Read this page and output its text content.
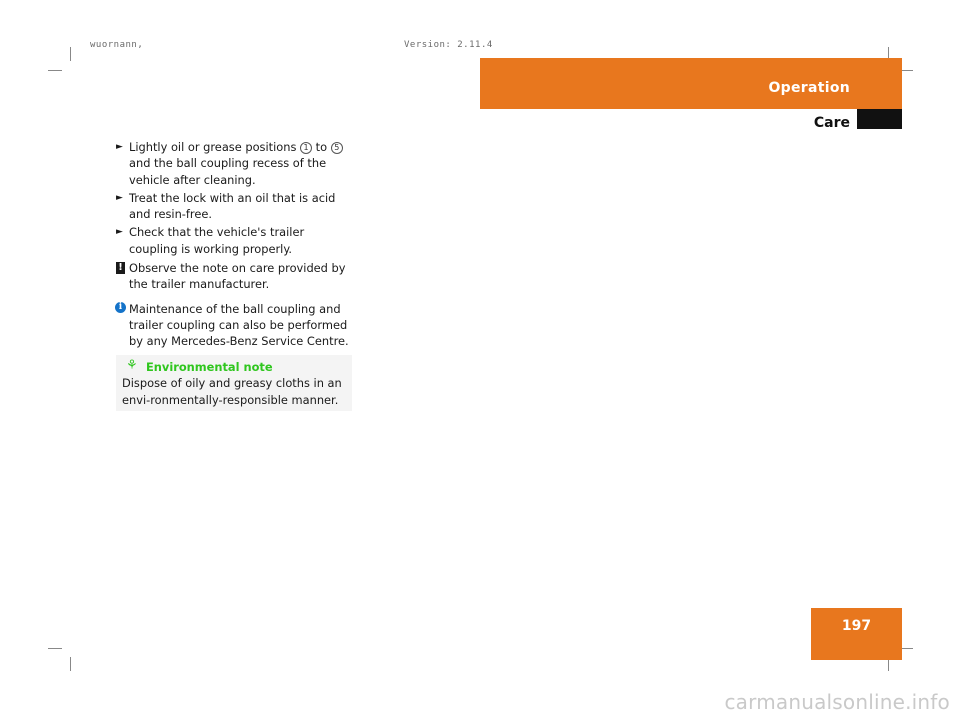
wuornann,	Version: 2.11.4
Operation
Care
► Lightly oil or grease positions 1 to 5 and the ball coupling recess of the vehicle after cleaning.
► Treat the lock with an oil that is acid and resin-free.
► Check that the vehicle's trailer coupling is working properly.
! Observe the note on care provided by the trailer manufacturer.
i Maintenance of the ball coupling and trailer coupling can also be performed by any Mercedes-Benz Service Centre.
⚘ Environmental note
Dispose of oily and greasy cloths in an envi-ronmentally-responsible manner.
197
carmanualsonline.info
